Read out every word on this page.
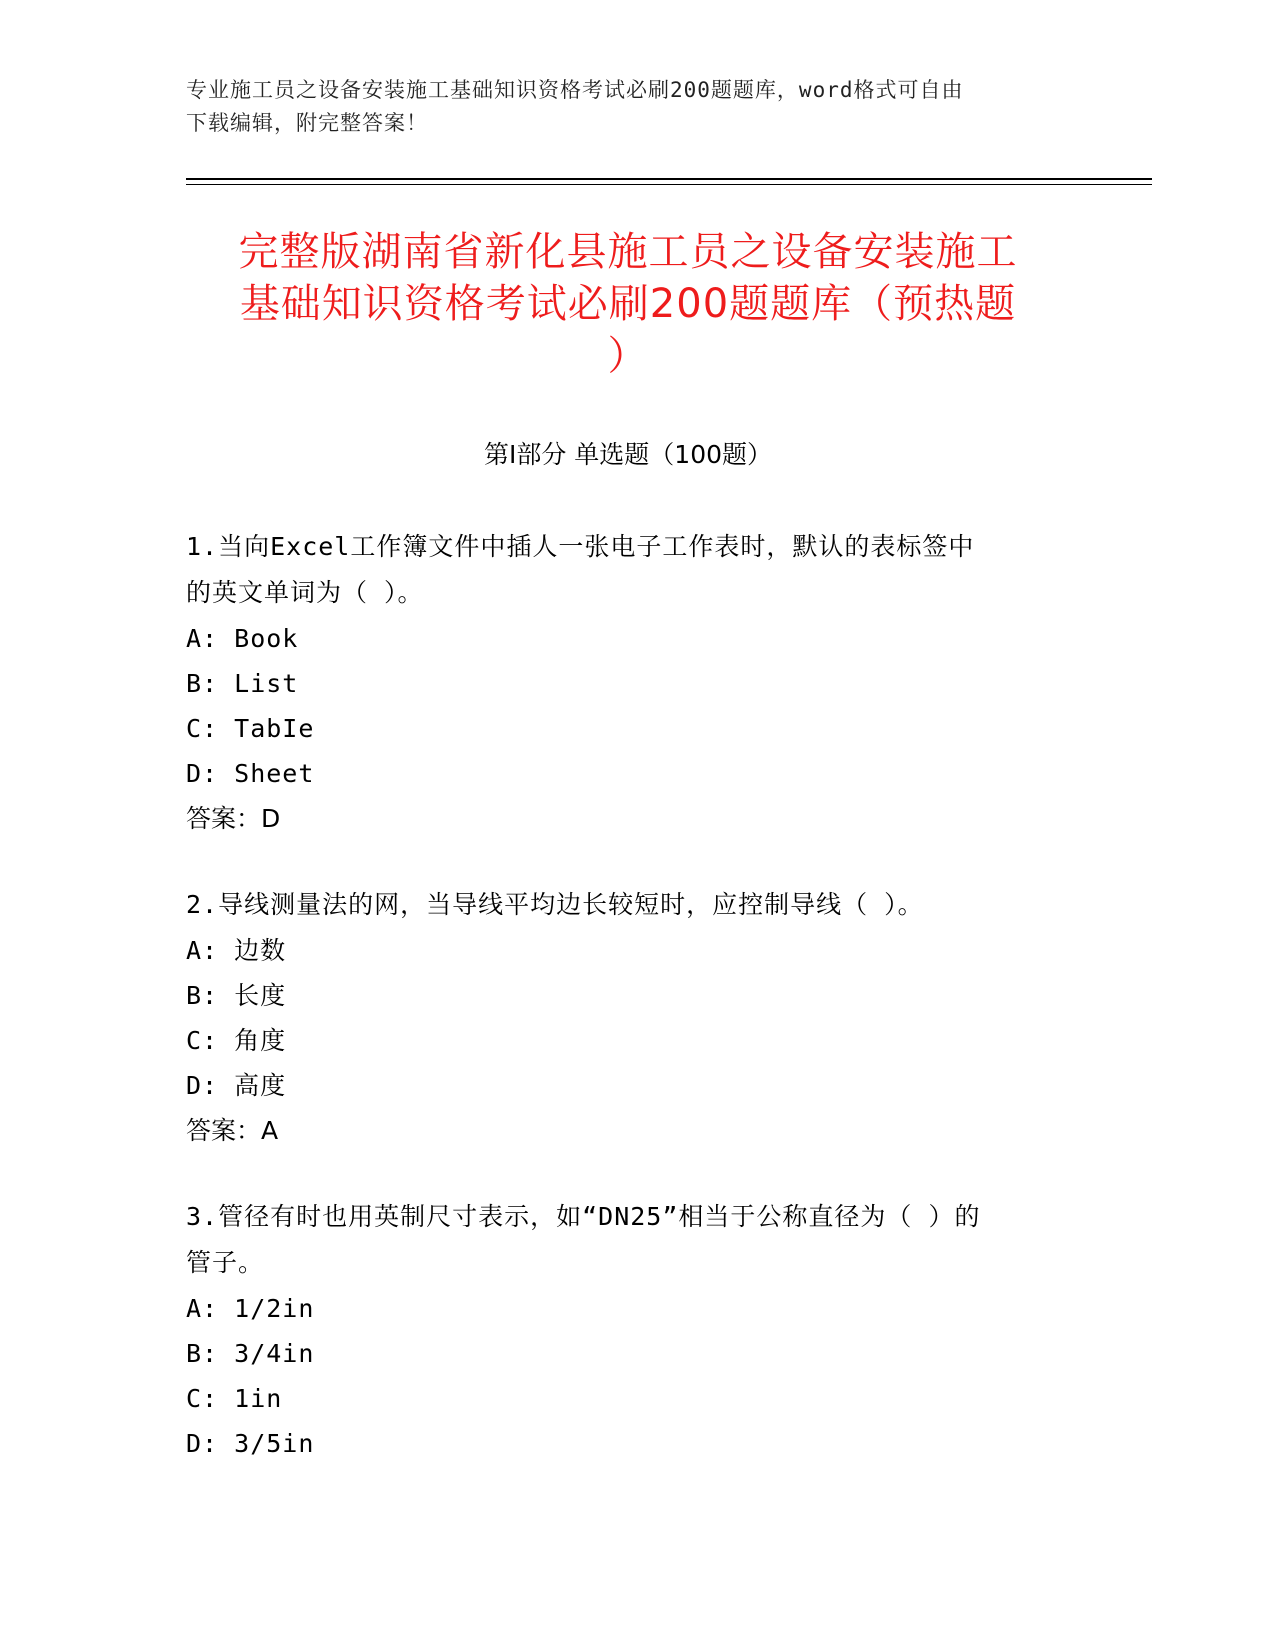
专业施工员之设备安装施工基础知识资格考试必刷200题题库，word格式可自由
下载编辑，附完整答案！
完整版湖南省新化县施工员之设备安装施工
基础知识资格考试必刷200题题库（预热题
）
第I部分 单选题（100题）
1.当向Excel工作簿文件中插人一张电子工作表时，默认的表标签中
的英文单词为（ ）。
A: Book
B: List
C: TabIe
D: Sheet
答案：D
2.导线测量法的网，当导线平均边长较短时，应控制导线（ ）。
A: 边数
B: 长度
C: 角度
D: 高度
答案：A
3.管径有时也用英制尺寸表示，如“DN25”相当于公称直径为（ ）的
管子。
A: 1/2in
B: 3/4in
C: 1in
D: 3/5in
